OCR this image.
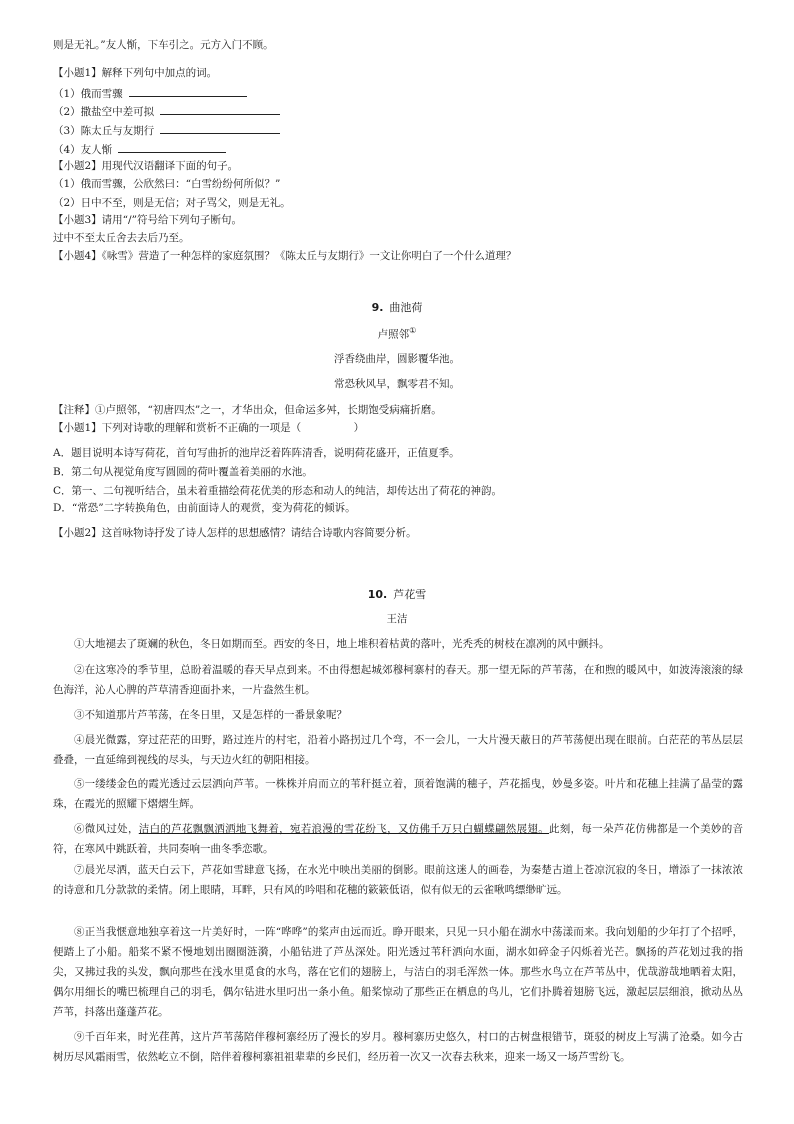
则是无礼。”友人惭，下车引之。元方入门不顾。
【小题1】解释下列句中加点的词。
（1）俄而雪骤
（2）撒盐空中差可拟
（3）陈太丘与友期行
（4）友人惭
【小题2】用现代汉语翻译下面的句子。
（1）俄而雪骤，公欣然曰：“白雪纷纷何所似？”
（2）日中不至，则是无信；对子骂父，则是无礼。
【小题3】请用“/”符号给下列句子断句。
过中不至太丘舍去去后乃至。
【小题4】《咏雪》营造了一种怎样的家庭氛围？《陈太丘与友期行》一文让你明白了一个什么道理？
9. 曲池荷
卢照邻①
浮香绕曲岸，圆影覆华池。
常恐秋风早，飘零君不知。
【注释】①卢照邻，“初唐四杰”之一，才华出众，但命运多舛，长期饱受病痛折磨。
【小题1】下列对诗歌的理解和赏析不正确的一项是（　　　　　）
A．题目说明本诗写荷花，首句写曲折的池岸泛着阵阵清香，说明荷花盛开，正值夏季。
B．第二句从视觉角度写圆圆的荷叶覆盖着美丽的水池。
C．第一、二句视听结合，虽未着重描绘荷花优美的形态和动人的纯洁，却传达出了荷花的神韵。
D．“常恐”二字转换角色，由前面诗人的观赏，变为荷花的倾诉。
【小题2】这首咏物诗抒发了诗人怎样的思想感情？请结合诗歌内容简要分析。
10. 芦花雪
王洁
①大地褪去了斑斓的秋色，冬日如期而至。西安的冬日，地上堆积着枯黄的落叶，光秃秃的树枝在凛冽的风中颤抖。
②在这寒冷的季节里，总盼着温暖的春天早点到来。不由得想起城郊穆柯寨村的春天。那一望无际的芦苇荡，在和煦的暖风中，如波涛滚滚的绿色海洋，沁人心脾的芦草清香迎面扑来，一片盎然生机。
③不知道那片芦苇荡，在冬日里，又是怎样的一番景象呢？
④晨光微露，穿过茫茫的田野，路过连片的村宅，沿着小路拐过几个弯，不一会儿，一大片漫天蔽日的芦苇荡便出现在眼前。白茫茫的苇丛层层叠叠，一直延绵到视线的尽头，与天边火红的朝阳相接。
⑤一缕缕金色的霞光透过云层洒向芦苇。一株株并肩而立的苇秆挺立着，顶着饱满的穗子，芦花摇曳，妙曼多姿。叶片和花穗上挂满了晶莹的露珠，在霞光的照耀下熠熠生辉。
⑥微风过处，洁白的芦花飘飘洒洒地飞舞着，宛若浪漫的雪花纷飞，又仿佛千万只白蝴蝶翩然展翅。此刻，每一朵芦花仿佛都是一个美妙的音符，在寒风中跳跃着，共同奏响一曲冬季恋歌。
⑦晨光尽洒，蓝天白云下，芦花如雪肆意飞扬，在水光中映出美丽的倒影。眼前这迷人的画卷，为秦楚古道上苍凉沉寂的冬日，增添了一抹浓浓的诗意和几分款款的柔情。闭上眼睛，耳畔，只有风的吟唱和花穗的簌簌低语，似有似无的云雀啾鸣缥缈旷远。
⑧正当我惬意地独享着这一片美好时，一阵“哗哗”的桨声由远而近。睁开眼来，只见一只小船在湖水中荡漾而来。我向划船的少年打了个招呼，便踏上了小船。船桨不紧不慢地划出圈圈涟漪，小船钻进了芦丛深处。阳光透过苇秆洒向水面，湖水如碎金子闪烁着光芒。飘扬的芦花划过我的指尖，又拂过我的头发，飘向那些在浅水里觅食的水鸟，落在它们的翅膀上，与洁白的羽毛浑然一体。那些水鸟立在芦苇丛中，优哉游哉地晒着太阳，偶尔用细长的嘴巴梳理自己的羽毛，偶尔钻进水里叼出一条小鱼。船桨惊动了那些正在栖息的鸟儿，它们扑腾着翅膀飞远，激起层层细浪，掀动丛丛芦苇，抖落出蓬蓬芦花。
⑨千百年来，时光荏苒，这片芦苇荡陪伴穆柯寨经历了漫长的岁月。穆柯寨历史悠久，村口的古树盘根错节，斑驳的树皮上写满了沧桑。如今古树历尽风霜雨雪，依然屹立不倒，陪伴着穆柯寨祖祖辈辈的乡民们，经历着一次又一次春去秋来，迎来一场又一场芦雪纷飞。
